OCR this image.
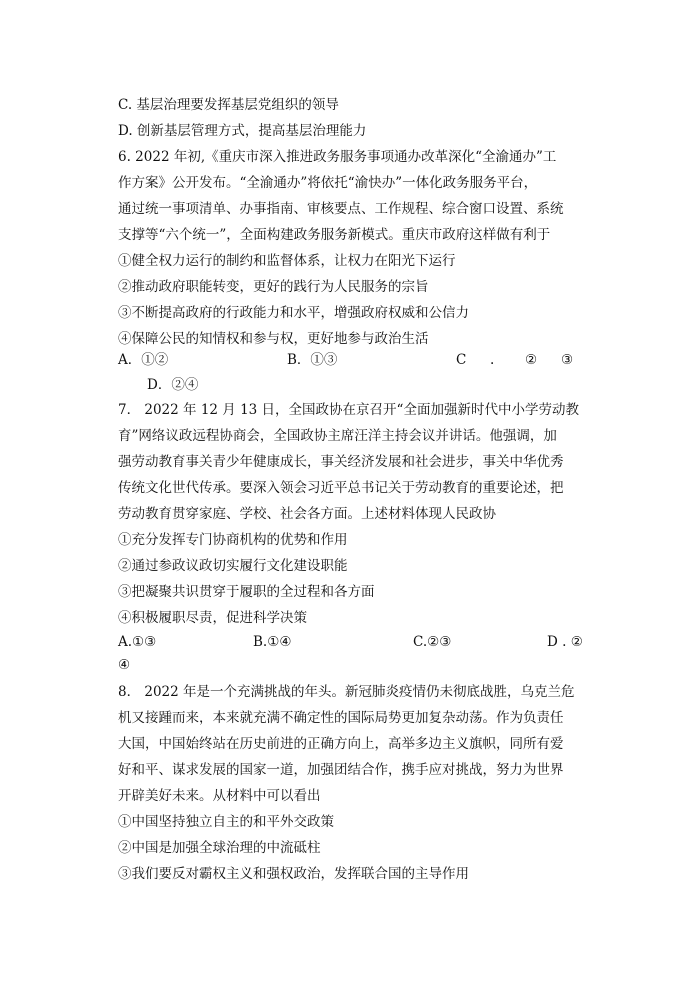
C. 基层治理要发挥基层党组织的领导
D. 创新基层管理方式，提高基层治理能力
6. 2022 年初,《重庆市深入推进政务服务事项通办改革深化“全渝通办”工
作方案》公开发布。“全渝通办”将依托“渝快办”一体化政务服务平台，
通过统一事项清单、办事指南、审核要点、工作规程、综合窗口设置、系统
支撑等“六个统一”，全面构建政务服务新模式。重庆市政府这样做有利于
①健全权力运行的制约和监督体系，让权力在阳光下运行
②推动政府职能转变，更好的践行为人民服务的宗旨
③不断提高政府的行政能力和水平，增强政府权威和公信力
④保障公民的知情权和参与权，更好地参与政治生活
A．①②	B．①③	C . ② ③
D．②④
7． 2022 年 12 月 13 日，全国政协在京召开“全面加强新时代中小学劳动教
育”网络议政远程协商会，全国政协主席汪洋主持会议并讲话。他强调，加
强劳动教育事关青少年健康成长，事关经济发展和社会进步，事关中华优秀
传统文化世代传承。要深入领会习近平总书记关于劳动教育的重要论述，把
劳动教育贯穿家庭、学校、社会各方面。上述材料体现人民政协
①充分发挥专门协商机构的优势和作用
②通过参政议政切实履行文化建设职能
③把凝聚共识贯穿于履职的全过程和各方面
④积极履职尽责，促进科学决策
A.①③	B.①④	C.②③	D . ②
④
8． 2022 年是一个充满挑战的年头。新冠肺炎疫情仍未彻底战胜，乌克兰危
机又接踵而来，本来就充满不确定性的国际局势更加复杂动荡。作为负责任
大国，中国始终站在历史前进的正确方向上，高举多边主义旗帜，同所有爱
好和平、谋求发展的国家一道，加强团结合作，携手应对挑战，努力为世界
开辟美好未来。从材料中可以看出
①中国坚持独立自主的和平外交政策
②中国是加强全球治理的中流砥柱
③我们要反对霸权主义和强权政治，发挥联合国的主导作用
